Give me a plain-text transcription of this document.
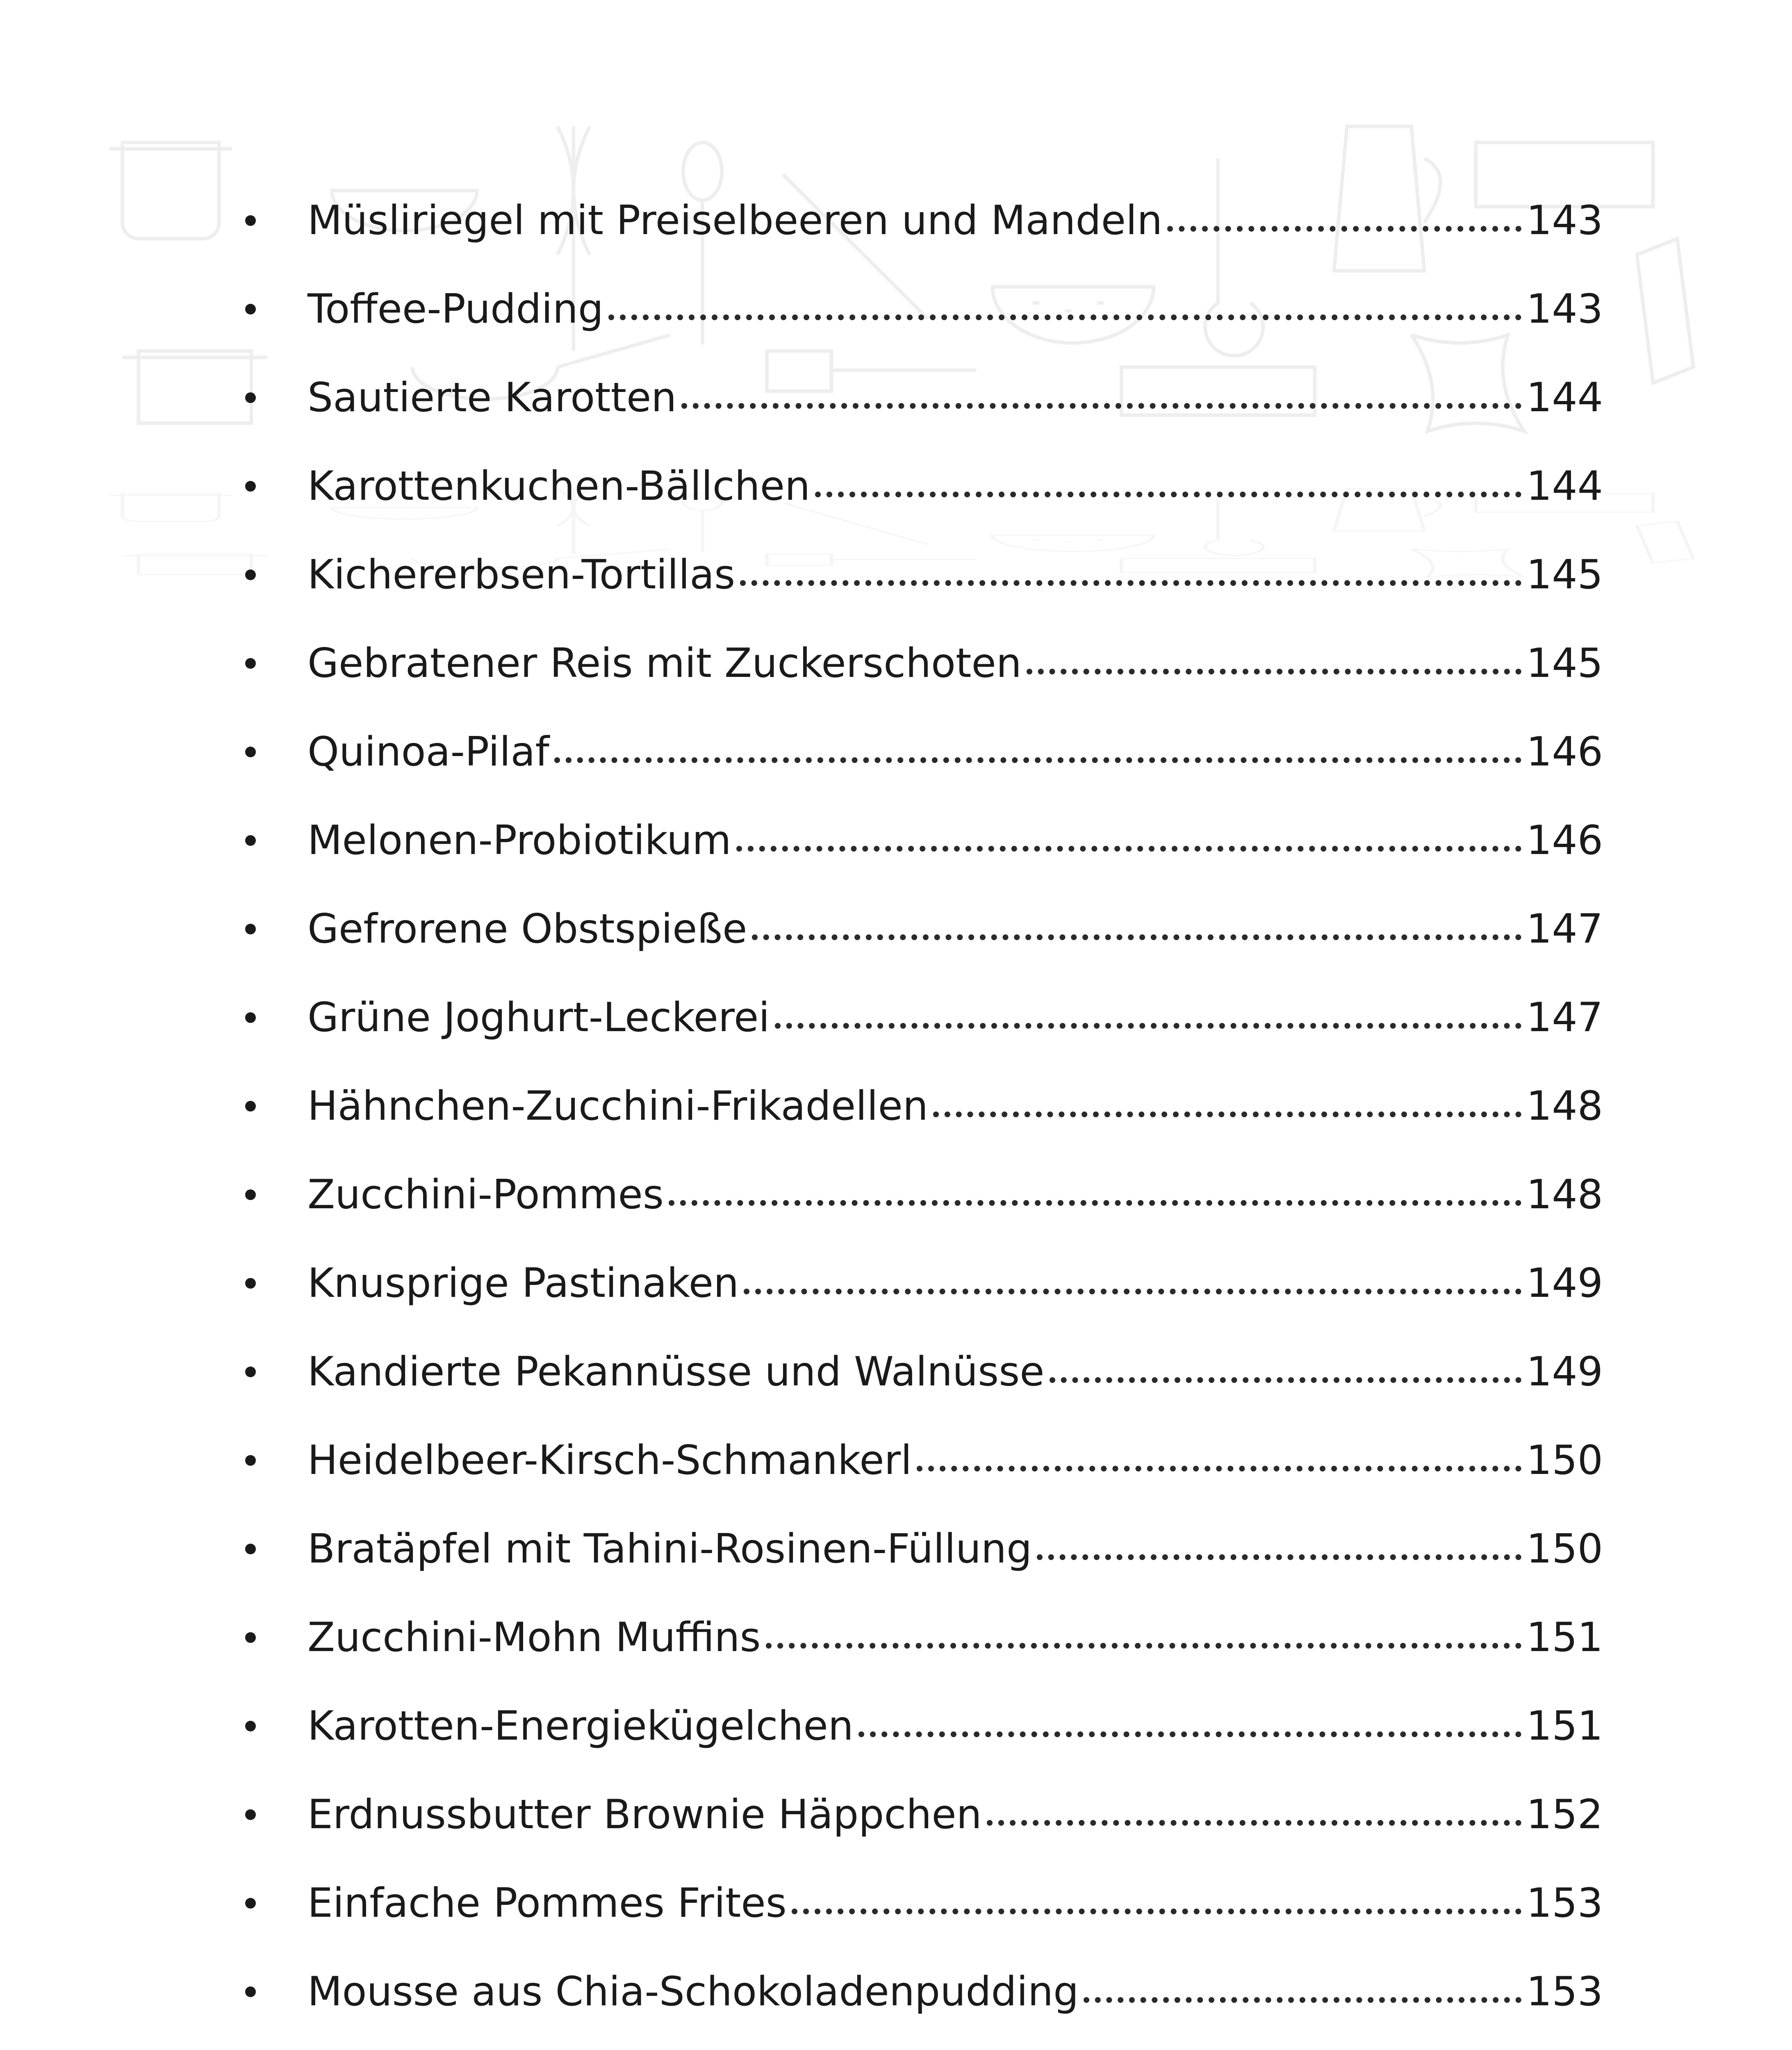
Müsliriegel mit Preiselbeeren und Mandeln	143
Toffee-Pudding	143
Sautierte Karotten	144
Karottenkuchen-Bällchen	144
Kichererbsen-Tortillas	145
Gebratener Reis mit Zuckerschoten	145
Quinoa-Pilaf	146
Melonen-Probiotikum	146
Gefrorene Obstspieße	147
Grüne Joghurt-Leckerei	147
Hähnchen-Zucchini-Frikadellen	148
Zucchini-Pommes	148
Knusprige Pastinaken	149
Kandierte Pekannüsse und Walnüsse	149
Heidelbeer-Kirsch-Schmankerl	150
Bratäpfel mit Tahini-Rosinen-Füllung	150
Zucchini-Mohn Muffins	151
Karotten-Energiekügelchen	151
Erdnussbutter Brownie Häppchen	152
Einfache Pommes Frites	153
Mousse aus Chia-Schokoladenpudding	153
